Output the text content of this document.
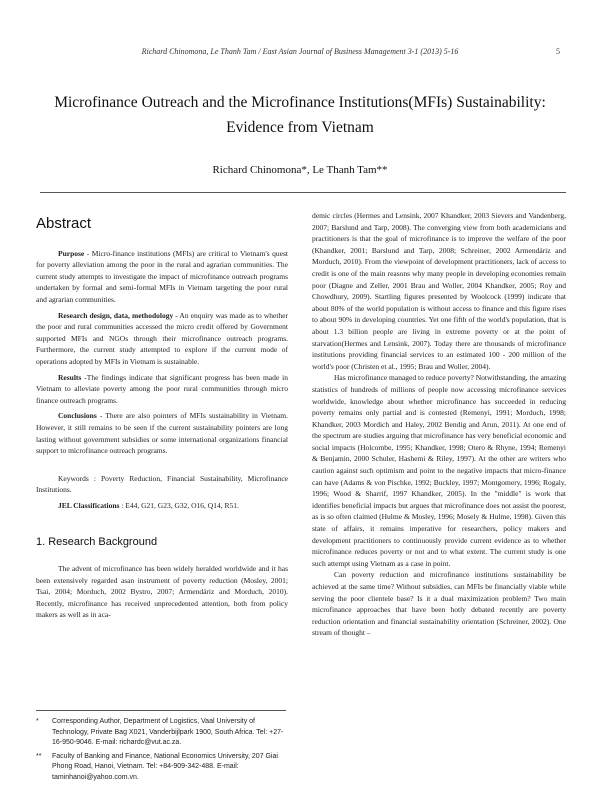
Richard Chinomona, Le Thanh Tam / East Asian Journal of Business Management 3-1 (2013) 5-16	5
Microfinance Outreach and the Microfinance Institutions(MFIs) Sustainability:
Evidence from Vietnam
Richard Chinomona*, Le Thanh Tam**
Abstract

Purpose - Micro-finance institutions (MFIs) are critical to Vietnam's quest for poverty alleviation among the poor in the rural and agrarian communities. The current study attempts to investigate the impact of microfinance outreach programs undertaken by formal and semi-formal MFIs in Vietnam targeting the poor rural and agrarian communities.

Research design, data, methodology - An enquiry was made as to whether the poor and rural communities accessed the micro credit offered by Government supported MFIs and NGOs through their microfinance outreach programs. Furthermore, the current study attempted to explore if the current mode of operations adopted by MFIs in Vietnam is sustainable.

Results -The findings indicate that significant progress has been made in Vietnam to alleviate poverty among the poor rural communities through micro finance outreach programs.

Conclusions - There are also pointers of MFIs sustainability in Vietnam. However, it still remains to be seen if the current sustainability pointers are long lasting without government subsidies or some international organizations financial support to microfinance outreach programs.

Keywords : Poverty Reduction, Financial Sustainability, Microfinance Institutions.

JEL Classifications : E44, G21, G23, G32, O16, Q14, R51.

1. Research Background

The advent of microfinance has been widely heralded worldwide and it has been extensively regarded asan instrument of poverty reduction (Mosley, 2001; Tsai, 2004; Morduch, 2002 Bystro, 2007; Armendáriz and Morduch, 2010). Recently, microfinance has received unprecedented attention, both from policy makers as well as in aca-

demic circles (Hermes and Lensink, 2007 Khandker, 2003 Sievers and Vandenberg, 2007; Barslund and Tarp, 2008). The converging view from both academicians and practitioners is that the goal of microfinance is to improve the welfare of the poor (Khandker, 2001; Barslund and Tarp, 2008; Schreiner, 2002 Armendáriz and Morduch, 2010). From the viewpoint of development practitioners, lack of access to credit is one of the main reasons why many people in developing economies remain poor (Diagne and Zeller, 2001 Brau and Woller, 2004 Khandker, 2005; Roy and Chowdhury, 2009). Startling figures presented by Woolcock (1999) indicate that about 80% of the world population is without access to finance and this figure rises to about 90% in developing countries. Yet one fifth of the world's population, that is about 1.3 billion people are living in extreme poverty or at the point of starvation(Hermes and Lensink, 2007). Today there are thousands of microfinance institutions providing financial services to an estimated 100 - 200 million of the world's poor (Christen et al., 1995; Brau and Woller, 2004).

Has microfinance managed to reduce poverty? Notwithstanding, the amazing statistics of hundreds of millions of people now accessing microfinance services worldwide, knowledge about whether microfinance has succeeded in reducing poverty remains only partial and is contested (Remenyi, 1991; Morduch, 1998; Khandker, 2003 Mordich and Haley, 2002 Bendig and Arun, 2011). At one end of the spectrum are studies arguing that microfinance has very beneficial economic and social impacts (Holcombe, 1995; Khandker, 1998; Otero & Rhyne, 1994; Remenyi & Benjamin, 2000 Schuler, Hashemi & Riley, 1997). At the other are writers who caution against such optimism and point to the negative impacts that micro-finance can have (Adams & von Pischke, 1992; Buckley, 1997; Montgomery, 1996; Rogaly, 1996; Wood & Sharrif, 1997 Khandker, 2005). In the "middle" is work that identifies beneficial impacts but argues that microfinance does not assist the poorest, as is so often claimed (Hulme & Mosley, 1996; Mosely & Hulme, 1998). Given this state of affairs, it remains imperative for researchers, policy makers and development practitioners to continuously provide current evidence as to whether microfinance reduces poverty or not and to what extent. The current study is one such attempt using Vietnam as a case in point.

Can poverty reduction and microfinance institutions sustainability be achieved at the same time? Without subsidies, can MFIs be financially viable while serving the poor clientele base? Is it a dual maximization problem? Two main microfinance approaches that have been hotly debated recently are poverty reduction orientation and financial sustainability orientation (Schreiner, 2002). One stream of thought –

*	Corresponding Author, Department of Logistics, Vaal University of Technology, Private Bag X021, Vanderbijlpark 1900, South Africa. Tel: +27-16-950-9046. E-mail: richardc@vut.ac.za.
**	Faculty of Banking and Finance, National Economics University, 207 Giai Phong Road, Hanoi, Vietnam. Tel: +84-909-342-488. E-mail: taminhanoi@yahoo.com.vn.
